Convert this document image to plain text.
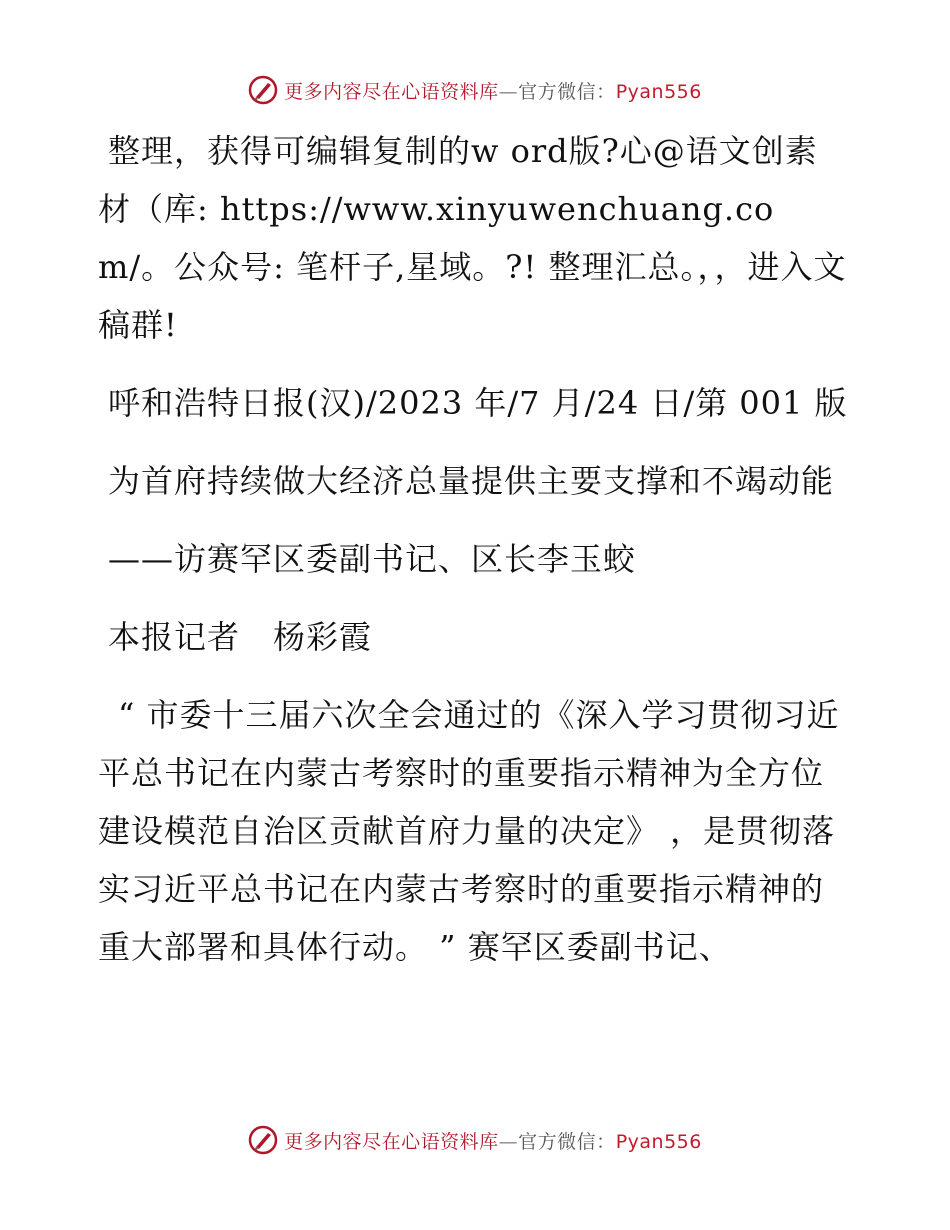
更多内容尽在心语资料库—官方微信：Pyan556

整理，获得可编辑复制的w ord版?心@语文创素材（库: https://www.xinyuwenchuang.com/。公众号: 笔杆子,星域。?! 整理汇总。，，进入文稿群!

呼和浩特日报(汉)/2023 年/7 月/24 日/第 001 版

为首府持续做大经济总量提供主要支撑和不竭动能

——访赛罕区委副书记、区长李玉蛟

本报记者　杨彩霞

“ 市委十三届六次全会通过的《深入学习贯彻习近平总书记在内蒙古考察时的重要指示精神为全方位建设模范自治区贡献首府力量的决定》 ，是贯彻落实习近平总书记在内蒙古考察时的重要指示精神的重大部署和具体行动。 ” 赛罕区委副书记、

更多内容尽在心语资料库—官方微信：Pyan556
